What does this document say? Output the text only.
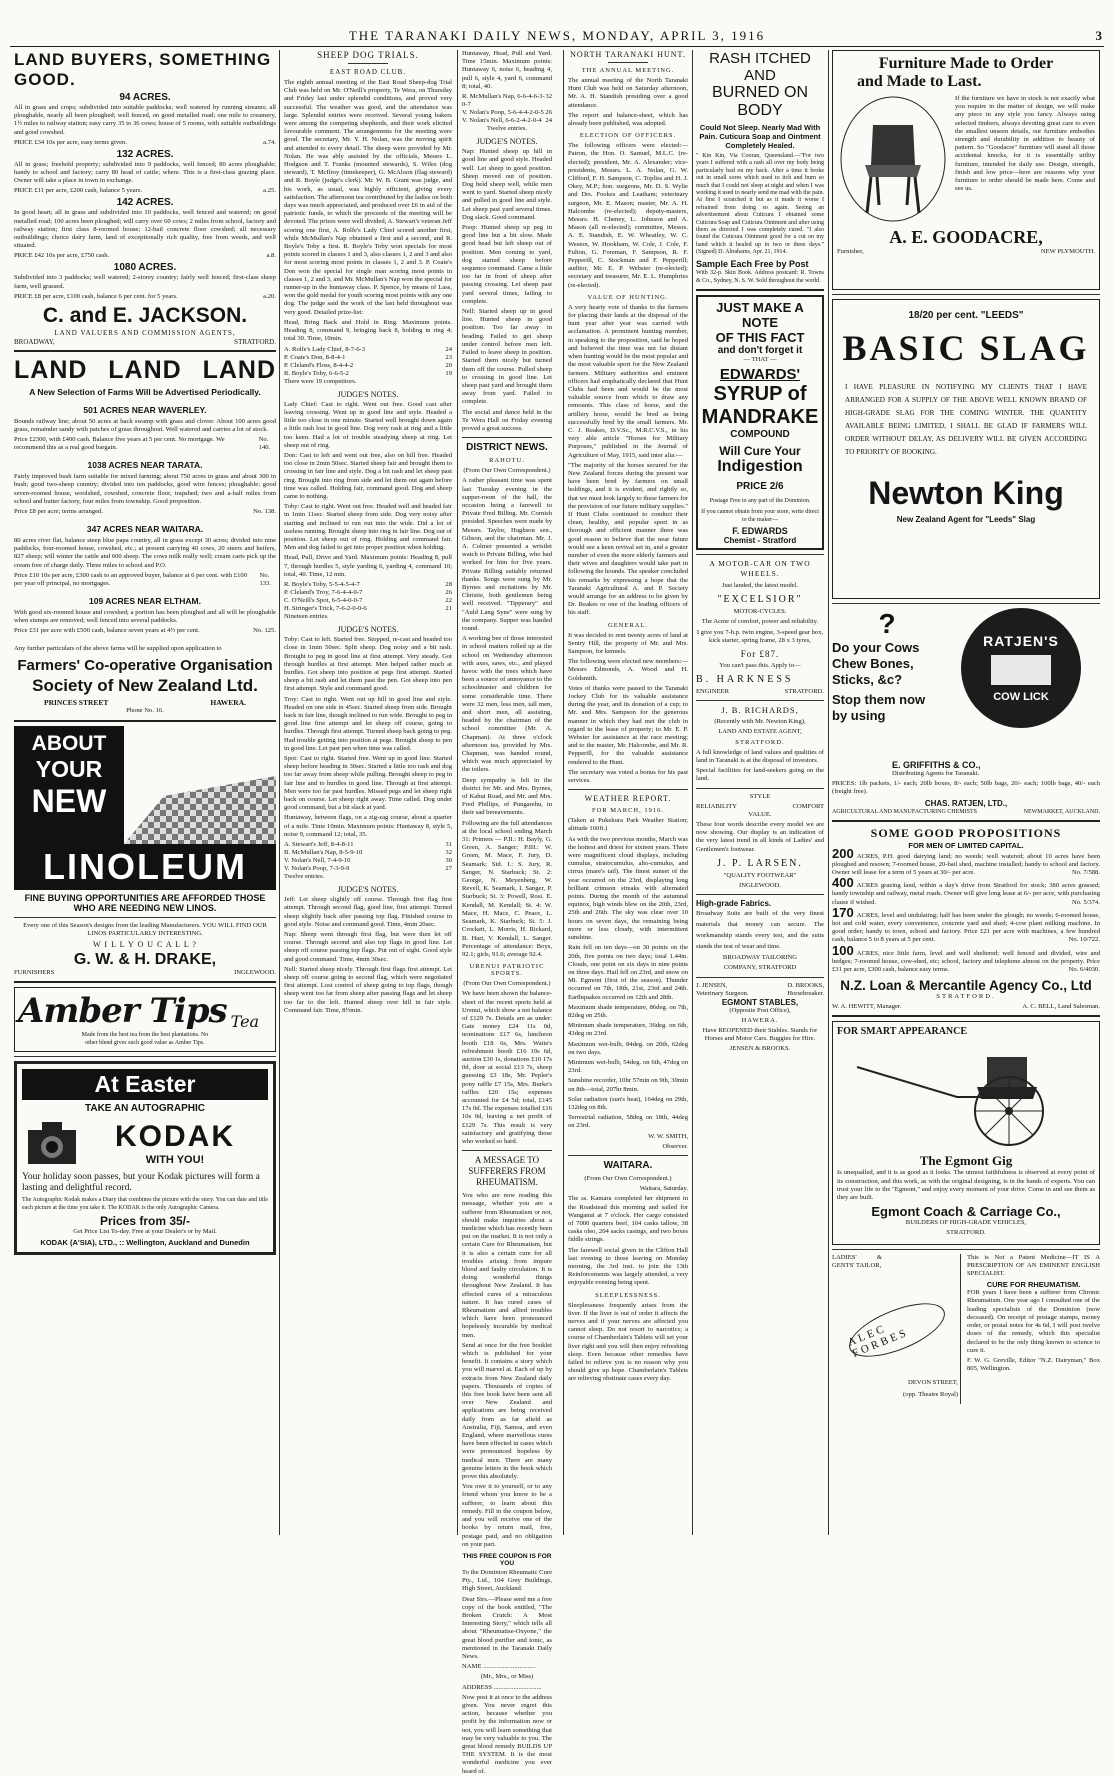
THE TARANAKI DAILY NEWS, MONDAY, APRIL 3, 1916	3
LAND BUYERS, SOMETHING GOOD.
94 ACRES.
All in grass and crops; subdivided into suitable paddocks; well watered by running streams; all ploughable, nearly all been ploughed; well fenced, on good metalled road; one mile to creamery, 1½ miles to railway station; easy carry 35 to 36 cows; house of 5 rooms, with suitable outbuildings and good cowshed.
PRICE £34 10s per acre, easy terms given.	a.74.
132 ACRES.
All in grass; freehold property; subdivided into 9 paddocks, well fenced; 80 acres ploughable; handy to school and factory; carry 80 head of cattle; where. This is a first-class grazing place. Owner will take a place in town in exchange.
PRICE £11 per acre, £200 cash, balance 5 years.	a.25.
142 ACRES.
In good heart; all in grass and subdivided into 10 paddocks, well fenced and watered; on good metalled road; 100 acres been ploughed; will carry over 60 cows; 2 miles from school, factory and railway station; first class 8-roomed house; 12-bail concrete floor cowshed; all necessary outbuildings; choice dairy farm, land of exceptionally rich quality, free from weeds, and well situated.
PRICE £42 10s per acre, £750 cash.	a.8.
1080 ACRES.
Subdivided into 3 paddocks; well watered; 2-storey country; fairly well fenced; first-class sheep farm, well grassed.
PRICE £8 per acre, £100 cash, balance 6 per cent. for 5 years.	a.20.
C. and E. JACKSON.
LAND VALUERS AND COMMISSION AGENTS,
BROADWAY,	STRATFORD.
LAND LAND LAND
A New Selection of Farms Will be Advertised Periodically.
501 ACRES NEAR WAVERLEY.
Bounds railway line; about 50 acres at back swamp with grass and clover. About 100 acres good grass, remainder sandy with patches of grass throughout. Well watered and carries a lot of stock.
Price £2300, with £400 cash. Balance five years at 5 per cent. No mortgage. We recommend this as a real good bargain.
No. 140.
1038 ACRES NEAR TARATA.
Fairly improved bush farm suitable for mixed farming; about 750 acres in grass and about 300 in bush; good two-sheep country; divided into ten paddocks, good wire fences; ploughable; good seven-roomed house, woolshed, cowshed, concrete floor, trapshed; two and a-half miles from school and butter factory, four miles from township. Good proposition.
Price £8 per acre; terms arranged.	No. 138.
347 ACRES NEAR WAITARA.
80 acres river flat, balance steep blue papa country, all in grass except 30 acres; divided into nine paddocks, four-roomed house, cowshed, etc.; at present carrying 40 cows, 20 steers and heifers, 827 sheep; will winter the cattle and 600 sheep. The cows milk really well; cream carts pick up the cream free of charge daily. Three miles to school and P.O.
Price £10 10s per acre, £300 cash to an approved buyer, balance at 6 per cent. with £100 per year off principal, no mortgages.
No. 133.
109 ACRES NEAR ELTHAM.
With good six-roomed house and cowshed; a portion has been ploughed and all will be ploughable when stumps are removed; well fenced into several paddocks.
Price £31 per acre with £500 cash, balance seven years at 4½ per cent.	No. 125.
Any further particulars of the above farms will be supplied upon application to
Farmers' Co-operative Organisation
Society of New Zealand Ltd.
PRINCES STREET	HAWERA.
Phone No. 16.
ABOUT
YOUR
NEW
LINOLEUM
FINE BUYING OPPORTUNITIES ARE AFFORDED THOSE
WHO ARE NEEDING NEW LINOS.
Every one of this Season's designs from the leading Manufacturers. YOU WILL FIND OUR LINOS PARTICULARLY INTERESTING.
W I L L Y O U C A L L ?
G. W. & H. DRAKE,
FURNISHERS	INGLEWOOD.
Amber Tips Tea
Made from the best tea from the best plantations. No
other blend gives such good value as Amber Tips.
At Easter
TAKE AN AUTOGRAPHIC
KODAK
WITH YOU!
Your holiday soon passes, but your Kodak pictures will form a lasting and delightful record.
The Autographic Kodak makes a Diary that combines the picture with the story. You can date and title each picture at the time you take it. The KODAK is the only Autographic Camera.
Prices from 35/-
Get Price List To-day. Free at your Dealer's or by Mail.
KODAK (A'SIA), LTD., :: Wellington, Auckland and Dunedin
SHEEP DOG TRIALS.
EAST ROAD CLUB.
The eighth annual meeting of the East Road Sheep-dog Trial Club was held on Mr. O'Neill's property, Te Wera, on Thursday and Friday last under splendid conditions, and proved very successful. The weather was good, and the attendance was large. Splendid entries were received. Several young bakers were among the competing shepherds, and their work elicited favourable comment. The arrangements for the meeting were good. The secretary, Mr. Y. H. Nolan, was the moving spirit and attended to every detail. The sheep were provided by Mr. Nolan. He was ably assisted by the officials, Messrs L. Hodgson and T. Franks (mounted stewards), S. Wiles (dog steward), T. McIlroy (timekeeper), G. McAloon (flag steward) and R. Boyle (judge's clerk). Mr. W. B. Grant was judge, and his work, as usual, was highly efficient, giving every satisfaction. The afternoon tea contributed by the ladies on both days was much appreciated, and produced over £6 in aid of the patriotic funds, to which the proceeds of the meeting will be devoted. The prizes were well divided, A. Stewart's veteran Jeff scoring one first, A. Rolfe's Lady Chief scored another first, while McMullan's Nap obtained a first and a second, and R. Boyle's Toby a first. R. Boyle's Toby won specials for most points scored in classes 1 and 3, also classes 1, 2 and 3 and also for most scoring most points in classes 1, 2 and 3. P. Coate's Don won the special for single man scoring most points in classes 1, 2 and 3, and Mr. McMullan's Nap won the special for runner-up in the huntaway class. P. Spence, by means of Lass, won the gold medal for youth scoring most points with any one dog. The judge said the work of the last held throughout was very good. Detailed prize-list:
Head, Bring Back and Hold in Ring. Maximum points. Heading 8, command 9, bringing back 8, holding in ring 4; total 30. Time, 10min.
A. Rolfe's Lady Chief, 8-7-6-3	24
P. Coate's Don, 8-8-4-1	23
P. Cleland's Floss, 8-4-4-2	20
R. Boyle's Toby, 6-6-5-2	19
There were 19 competitors.
JUDGE'S NOTES.
Lady Chief: Cast to right. Went out free. Good cast after leaving crossing. Went up in good line and style. Headed a little too close in one minute. Started well brought down again a little rash lost in good line. Dog very rash at ring and a little too keen. Had a lot of trouble steadying sheep at ring. Let sheep out of ring.
Don: Cast to left and went out free, also on hill free. Headed too close in 2min 50sec. Started sheep fair and brought them to crossing in fair line and style. Dog a bit rash and let sheep past ring. Brought into ring from side and let them out again before time was called. Holding fair, command good. Dog and sheep came to nothing.
Toby: Cast to right. Went out free. Headed well and headed fair in 1min 11sec. Started sheep from side. Dog very noisy after starting and inclined to run out into the wide. Did a lot of useless running. Brought sheep into ring in fair line. Dog out of position. Let sheep out of ring. Holding and command fair. Men and dog failed to get into proper position when holding.
Head, Pull, Drive and Yard. Maximum points: Heading 8, pull 7, through hurdles 5, style yarding 6, yarding 4, command 10; total, 40. Time, 12 min.
R. Boyle's Toby, 5-5-4-5-4-7	28
P. Cleland's Troy, 7-6-4-4-0-7	26
C. O'Neill's Spot, 6-5-4-0-0-7	22
H. Stringer's Trick, 7-6-2-0-0-6	21
Nineteen entries.
JUDGE'S NOTES.
Toby: Cast to left. Started free. Stopped, re-cast and headed too close in 1min 50sec. Split sheep. Dog noisy and a bit rash. Brought to peg in good line at first attempt. Very steady. Got through hurdles at first attempt. Men helped rather much at hurdles. Got sheep into position at pegs first attempt. Started sheep a bit rash and let them past the pen. Got sheep into pen first attempt. Style and command good.
Troy: Cast to right. Went out up hill in good line and style. Headed on one side in 45sec. Started sheep from side. Brought back in fair line, though inclined to run wide. Brought to peg in good line first attempt and let sheep off course, going to hurdles. Through first attempt. Turned sheep back going to peg. Had trouble getting into position at pegs. Brought sheep to pen in good line. Let past pen when time was called.
Spot: Cast to right. Started free. Went up in good line. Started sheep before heading in 30sec. Started a little too rash and dog too far away from sheep while pulling. Brought sheep to peg in fair line and to hurdles in good line. Through at first attempt. Men were too far past hurdles. Missed pegs and let sheep right back on course. Let sheep right away. Time called. Dog under good command, but a bit slack at yard.
Huntaway, between flags, on a zig-zag course, about a quarter of a mile. Time 10min. Maximum points: Huntaway 8, style 5, noise 9, command 12; total, 35.
A. Stewart's Jeff, 8-4-8-11	31
B. McMullan's Nap, 8-5-9-10	32
V. Nolan's Nell, 7-4-9-10	30
V. Nolan's Poop, 7-3-9-9	27
Twelve entries.
JUDGE'S NOTES.
Jeff: Let sheep slightly off course. Through first flag first attempt. Through second flag, good line, first attempt. Turned sheep slightly back after passing top flag. Finished course in good style. Noise and command good. Time, 4min 20sec.
Nap: Sheep went through first flag, but were then let off course. Through second and also top flags in good line. Let sheep off course passing top flags. Put out of sight. Good style and good command. Time, 4min 30sec.
Nell: Started sheep nicely. Through first flags first attempt. Let sheep off course going to second flag, which were negotiated first attempt. Lost control of sheep going to top flags, though sheep went too far from sheep after passing flags and let sheep too far to the left. Hunted sheep over hill in fair style. Command fair. Time, 8½min.
Huntaway, Head, Pull and Yard. Time 15min. Maximum points: Huntaway 6, noise 6, heading 4, pull 6, style 4, yard 6, command 8; total, 40.
R. McMullan's Nap, 6-6-4-6-3-0-7
32
V. Nolan's Poop, 5-6-4-4-2-0-5 26
V. Nolan's Nell, 6-6-2-4-2-0-4 24
Twelve entries.
JUDGE'S NOTES.
Nap: Hunted sheep up hill in good line and good style. Headed well. Let sheep in good position. Sheep moved out of position. Dog held sheep well, while men went to yard. Started sheep nicely and pulled in good line and style. Let sheep past yard several times. Dog slack. Good command.
Poop: Hunted sheep up peg in good line but a bit slow. Made good head but left sheep out of position. Men coming to yard, dog started sheep before sequence command. Came a little too far in front of sheep after passing crossing. Let sheep past yard several times, failing to complete.
Nell: Started sheep up in good line. Hunted sheep in good position. Too far away in heading. Failed to get sheep under control before men left. Failed to leave sheep in position. Started them nicely but turned them off the course. Pulled sheep to crossing in good line. Let sheep past yard and brought them away from yard. Failed to complete.
The social and dance held in the Te Wera Hall on Friday evening proved a great success.
DISTRICT NEWS.
RAHOTU.
(From Our Own Correspondent.)
A rather pleasant time was spent last Tuesday evening in the supper-room of the hall, the occasion being a farewell to Private Fred Billing. Mr. Cornish presided. Speeches were made by Messrs. Taylor, Hughson sen., Gibson, and the chairman. Mr. J. A. Colmer presented a wristlet watch to Private Billing, who had worked for him for five years. Private Billing suitably returned thanks. Songs were sung by Mr. Byrnes and recitations by Mr. Christie, both gentlemen being well received. "Tipperary" and "Auld Lang Syne" were sung by the company. Supper was handed round.
A working bee of those interested in school matters rolled up at the school on Wednesday afternoon with axes, saws, etc., and played havoc with the trees which have been a source of annoyance to the schoolmaster and children for some considerable time. There were 32 men, less men, tall men, and short men, all assisting, headed by the chairman of the school committee (Mr. A. Chapman). At three o'clock afternoon tea, provided by Mrs. Chapman, was handed round, which was much appreciated by the toilers.
Deep sympathy is felt in the district for Mr. and Mrs. Byrnes, of Kahui Road, and Mr. and Mrs. Fred Phillips, of Pungarehu, in their sad bereavements.
Following are the full attendances at the local school ending March 31: Primers — P.II.: H. Bayly, G. Green, A. Sanger; P.III.: W. Green, M. Mace, F. Jury, D. Seamark; Std. I.: S. Jury, R. Sanger, N. Starbuck; St. 2: George, N. Meyenberg, W. Revell, K. Seamark, I. Sanger, P. Starbuck; St. 3: Powell, Rosi. E. Kendall, M. Kendall; St. 4: W. Mace, H. Mace, C. Peace, L. Seamark, K. Starbuck; St. 5: J. Crockett, L. Morris, H. Rickard, B. Hart, V. Kendall, L. Sanger. Percentage of attendance: Boys, 92.1; girls, 91.6; average 92.4.
URENUI PATRIOTIC SPORTS.
(From Our Own Correspondent.)
We have been shown the balance-sheet of the recent sports held at Urenui, which show a net balance of £129 7s. Details are as under: Gate money £24 11s 0d, nominations £17 6s, luncheon booth £18 6s, Mrs. Waite's refreshment booth £16 19s 6d, auction £30 1s, donations £10 17s 0d, door at social £13 7s, sheep guessing £3 18s, Mr. Pepler's pony raffle £7 15s, Mrs. Burke's raffles £20 15s; expenses accounted for £4 5d; total, £145 17s 0d. The expenses totalled £16 10s 0d, leaving a net profit of £129 7s. This result is very satisfactory and gratifying those who worked so hard.
A MESSAGE TO SUFFERERS FROM RHEUMATISM.
You who are now reading this message, whether you are a sufferer from Rheumatism or not, should make inquiries about a medicine which has recently been put on the market. It is not only a certain Cure for Rheumatism, but it is also a certain cure for all troubles arising from impure blood and faulty circulation. It is doing wonderful things throughout New Zealand. It has effected cures of a miraculous nature. It has cured cases of Rheumatism and allied troubles which have been pronounced hopelessly incurable by medical men.
Send at once for the free booklet which is published for your benefit. It contains a story which you will marvel at. Each of up by extracts from New Zealand daily papers. Thousands of copies of this free book have been sent all over New Zealand and applications are being received daily from as far afield as Australia, Fiji, Samoa, and even England, where marvellous cures have been effected in cases which were pronounced hopeless by medical men. There are many genuine letters in the book which prove this absolutely.
You owe it to yourself, or to any friend whom you know to be a sufferer, to learn about this remedy. Fill in the coupon below, and you will receive one of the books by return mail, free, postage paid, and no obligation on your part.
THIS FREE COUPON IS FOR YOU
To the Dominion Rheumatic Cure Pty., Ltd., 104 Grey Buildings, High Street, Auckland.
Dear Sirs.—Please send me a free copy of the book entitled, "The Broken Crutch: A Most Interesting Story," which tells all about "Rheumatise-Oxyone," the great blood purifier and tonic, as mentioned in the Taranaki Daily News.
NAME ................................
(Mr., Mrs., or Miss)
ADDRESS .............................
Now post it at once to the address given. You never regret this action, because whether you profit by the information now or not, you will learn something that may be very valuable to you. The great blood remedy BUILDS UP THE SYSTEM. It is the most wonderful medicine you ever heard of.
NORTH TARANAKI HUNT.
THE ANNUAL MEETING.
The annual meeting of the North Taranaki Hunt Club was held on Saturday afternoon, Mr. A. H. Standish presiding over a good attendance.
The report and balance-sheet, which has already been published, was adopted.
ELECTION OF OFFICERS.
The following officers were elected:—Patron, the Hon. O. Samuel, M.L.C. (re-elected); president, Mr. A. Alexander; vice-presidents, Messrs. L. A. Nolan, G. W. Clifford, F. H. Sampson, C. Topliss and H. J. Okey, M.P.; hon. surgeons, Mr. D. S. Wylie and Drs. Fookes and Leatham; veterinary surgeon, Mr. E. Mason; master, Mr. A. H. Halcombe (re-elected); deputy-masters, Messrs. H. Cheney, L. Johnson and A. Mason (all re-elected); committee, Messrs. A. E. Standish, E. W. Wheatley, W. C. Weston, W. Hookham, W. Cole, J. Cole, F. Fulton, G. Foreman, F. Sampson, R. F. Pepperill, C. Stockman and F. Pepperill; auditor, Mr. E. P. Webster (re-elected); secretary and treasurer, Mr. E. L. Humphries (re-elected).
VALUE OF HUNTING.
A very hearty vote of thanks to the farmers for placing their lands at the disposal of the hunt year after year was carried with acclamation. A prominent hunting member, in speaking to the proposition, said he hoped and believed the time was not far distant when hunting would be the most popular and the most valuable sport for the New Zealand farmers. Military authorities and eminent officers had emphatically declared that Hunt Clubs had been and would be the most valuable source from which to draw any remounts. This class of horse, and the artillery horse, would be bred as being successfully bred by the small farmers. Mr. C. J. Reakes, D.V.Sc., M.R.C.V.S., in his very able article "Horses for Military Purposes," published in the Journal of Agriculture of May, 1915, said inter alia:—
"The majority of the horses secured for the New Zealand forces during the present war have been bred by farmers on small holdings, and it is evident, and rightly so, that we must look largely to these farmers for the provision of our future military supplies." If Hunt Clubs continued to conduct their clean, healthy, and popular sport in as thorough and efficient manner there was good reason to believe that the near future would see a keen revival set in, and a greater number of even the more elderly farmers and their wives and daughters would take part in following the hounds. The speaker concluded his remarks by expressing a hope that the Taranaki Agricultural A. and P. Society would arrange for an address to be given by Dr. Reakes or one of the leading officers of his staff.
GENERAL.
It was decided to rent twenty acres of land at Sentry Hill, the property of Mr. and Mrs. Sampson, for kennels.
The following were elected new members:—Messrs Edmonds, A. Wood and H. Goldsmith.
Votes of thanks were passed to the Taranaki Jockey Club for its valuable assistance during the year, and its donation of a cup; to Mr. and Mrs. Sampson for the generous manner in which they had met the club in regard to the lease of property; to Mr. E. P. Webster for assistance at the race meeting; and to the master, Mr. Halcombe, and Mr. R. Pepperill, for the valuable assistance rendered to the Hunt.
The secretary was voted a bonus for his past services.
WEATHER REPORT.
FOR MARCH, 1916.
(Taken at Pukekura Park Weather Station; altitude 160ft.)
As with the two previous months, March was the hottest and driest for sixteen years. There were magnificent cloud displays, including cumulus, stratocumulus, alto-cumulus, and cirrus (mare's tail). The finest sunset of the year occurred on the 23rd, displaying long brilliant crimson streaks with alternated points. During the month of the autumnal equinox, high winds blew on the 20th, 23rd, 25th and 26th. The sky was clear over 10 hours on seven days, the remaining being more or less cloudy, with intermittent sunshine.
Rain fell on ten days—on 30 points on the 20th, five points on two days; total 1.44in. Clouds, one point on six days in nine points on three days. Hail fell on 23rd, and snow on Mt. Egmont (first of the season). Thunder occurred on 7th, 18th, 21st, 23rd and 24th. Earthquakes occurred on 12th and 28th.
Maximum shade temperature, 86deg. on 7th, 82deg on 25th.
Minimum shade temperature, 36deg. on 6th, 43deg on 23rd.
Maximum wet-bulb, 84deg. on 20th, 62deg on two days.
Minimum wet-bulb, 54deg. on 6th, 47deg on 23rd.
Sunshine recorder, 10hr 57min on 9th, 30min on 8th—total, 207hr 8min.
Solar radiation (sun's heat), 164deg on 29th, 132deg on 8th.
Terrestrial radiation, 58deg on 18th, 44deg on 23rd.
W. W. SMITH,
Observer.
WAITARA.
(From Our Own Correspondent.)
Waitara, Saturday.
The ss. Kamara completed her shipment in the Roadstead this morning and sailed for Wanganui at 7 o'clock. Her cargo consisted of 7000 quarters beef, 104 casks tallow, 38 casks oleo, 204 sacks casings, and two boxes fiddle strings.
The farewell social given in the Clifton Hall last evening to those leaving on Monday morning, the 3rd inst. to join the 13th Reinforcements was largely attended, a very enjoyable evening being spent.
SLEEPLESSNESS.
Sleeplessness frequently arises from the liver. If the liver is out of order it affects the nerves and if your nerves are affected you cannot sleep. Do not resort to narcotics; a course of Chamberlain's Tablets will set your liver right and you will then enjoy refreshing sleep. Even because other remedies have failed to relieve you is no reason why you should give up hope. Chamberlain's Tablets are relieving obstinate cases every day.
RASH ITCHED AND
BURNED ON BODY
Could Not Sleep. Nearly Mad With Pain. Cuticura Soap and Ointment Completely Healed.
" Kin Kin, Via Cooran, Queensland.—"For two years I suffered with a rash all over my body being particularly bad on my back. After a time it broke out in small sores which used to itch and burn so much that I could not sleep at night and when I was working it used to nearly send me mad with the pain. At first I scratched it but as it made it worse I refrained from doing so again. Seeing an advertisement about Cuticura I obtained some Cuticura Soap and Cuticura Ointment and after using them as directed I was completely cured. "I also found the Cuticura Ointment good for a cut on my hand which it healed up in two or three days." (Signed) D. Abrahams, Apr. 21, 1914.
Sample Each Free by Post
With 32-p. Skin Book. Address postcard: R. Towns & Co., Sydney, N. S. W. Sold throughout the world.
JUST MAKE A NOTE
OF THIS FACT
and don't forget it
— THAT —
EDWARDS'
SYRUP of
MANDRAKE
COMPOUND
Will Cure Your
Indigestion
PRICE 2/6
Postage Free to any part of the Dominion.
If you cannot obtain from your store, write direct to the maker—
F. EDWARDS
Chemist - Stratford
A MOTOR-CAR ON TWO WHEELS.
Just landed, the latest model.
"EXCELSIOR"
MOTOR-CYCLES.
The Acme of comfort, power and reliability.
I give you 7-h.p. twin engine, 3-speed gear box, kick starter, spring frame, 28 x 3 tyres,
For £87.
You can't pass this. Apply to—
B. HARKNESS
ENGINEER	STRATFORD.
J. B. RICHARDS,
(Recently with Mr. Newton King),
LAND AND ESTATE AGENT,
STRATFORD.
A full knowledge of land values and qualities of land in Taranaki is at the disposal of investors.
Special facilities for land-seekers going on the land.
STYLE
RELIABILITY	COMFORT
VALUE.
These four words describe every model we are now showing. Our display is an indication of the very latest trend in all kinds of Ladies' and Gentlemen's footwear.
J. P. LARSEN.
"QUALITY FOOTWEAR"
INGLEWOOD.
High-grade Fabrics.
Broadway Suits are built of the very finest materials that money can secure. The workmanship stands every test, and the suits stands the test of wear and time.
BROADWAY TAILORING
COMPANY, STRATFORD
J. JENSEN,	D. BROOKS,
Veterinary Surgeon.	Horsebreaker.
EGMONT STABLES,
(Opposite Post Office),
HAWERA.
Have REOPENED their Stables. Stands for Horses and Motor Cars. Buggies for Hire.
JENSEN & BROOKS.
Furniture Made to Order
and Made to Last.
If the furniture we have in stock is not exactly what you require in the matter of design, we will make any piece in any style you fancy. Always using selected timbers, always devoting great care to even the smallest unseen details, our furniture embodies strength and durability in addition to beauty of pattern. So "Goodacre" furniture will stand all those accidental knocks, for it is essentially utility furniture, intended for daily use. Design, strength, finish and low price—here are reasons why your furniture to order should be made here. Come and see us.
A. E. GOODACRE,
Furnisher,	NEW PLYMOUTH.
18/20 per cent. "LEEDS"
BASIC SLAG
I HAVE PLEASURE IN NOTIFYING MY CLIENTS THAT I HAVE ARRANGED FOR A SUPPLY OF THE ABOVE WELL KNOWN BRAND OF HIGH-GRADE SLAG FOR THE COMING WINTER. THE QUANTITY AVAILABLE BEING LIMITED, I SHALL BE GLAD IF FARMERS WILL ORDER WITHOUT DELAY, AS DELIVERY WILL BE GIVEN ACCORDING TO PRIORITY OF BOOKING.
Newton King
New Zealand Agent for "Leeds" Slag
?
Do your Cows
Chew Bones,
Sticks, &c?
Stop them now
by using
RATJEN'S
COW LICK
E. GRIFFITHS & CO.,
Distributing Agents for Taranaki.
PRICES: 1lb packets, 1/- each; 20lb boxes, 8/- each; 50lb bags, 20/- each; 100lb bags, 40/- each (freight free).
CHAS. RATJEN, LTD.,
AGRICULTURAL AND MANUFACTURING CHEMISTS	NEWMARKET, AUCKLAND.
SOME GOOD PROPOSITIONS
FOR MEN OF LIMITED CAPITAL.
200 ACRES, P.H. good dairying land; no weeds; well watered; about 10 acres have been ploughed and resown; 7-roomed house, 20-bail shed, machine installed; handy to school and factory. Owner will lease for a term of 5 years at 30/- per acre.	No. 7/588.
400 ACRES grazing land, within a day's drive from Stratford for stock; 380 acres grassed; handy township and railway, metal roads. Owner will give long lease at 6/- per acre, with purchasing clause if wished.	No. 5/374.
170 ACRES, level and undulating; half has been under the plough; no weeds; 6-roomed house, hot and cold water, every convenience, concrete yard and shed; 4-cow plant milking machine. In good order; handy to town, school and factory. Price £21 per acre with machines, a few hundred cash, balance 5 to 8 years at 5 per cent.	No. 10/722.
100 ACRES, nice little farm, level and well sheltered; well fenced and divided, wire and hedges; 7-roomed house, cow-shed, etc; school, factory and telephone almost on the property. Price £31 per acre, £300 cash, balance easy terms.	No. 6/4030.
N.Z. Loan & Mercantile Agency Co., Ltd
STRATFORD.
W. A. HEWITT, Manager.	A. C. BELL, Land Salesman.
FOR SMART APPEARANCE
The Egmont Gig
Is unequalled, and it is as good as it looks. The utmost faithfulness is observed at every point of its construction, and this work, as with the original designing, is in the hands of experts. You can trust your life to the "Egmont," and enjoy every moment of your drive. Come in and see them as they are built.
Egmont Coach & Carriage Co.,
BUILDERS OF HIGH-GRADE VEHICLES,
STRATFORD.
LADIES' & GENTS' TAILOR,
ALEC FORBES
DEVON STREET,
(opp. Theatre Royal)
This is Not a Patent Medicine—IT IS A PRESCRIPTION OF AN EMINENT ENGLISH SPECIALIST.
CURE FOR RHEUMATISM.
FOR years I have been a sufferer from Chronic Rheumatism. One year ago I consulted one of the leading specialists of the Dominion (now deceased). On receipt of postage stamps, money order, or postal notes for 4s 6d, I will post twelve doses of the remedy, which this specialist declared to be the only thing known to science to cure it.
F. W. G. Greville, Editor "N.Z. Dairyman," Box 805, Wellington.
